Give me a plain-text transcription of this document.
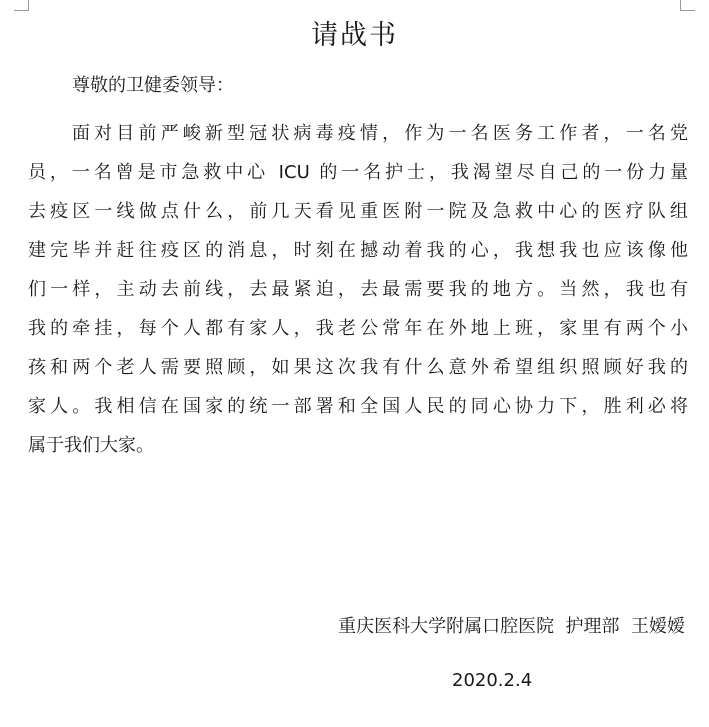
请战书
尊敬的卫健委领导：
面对目前严峻新型冠状病毒疫情，作为一名医务工作者，一名党
员，一名曾是市急救中心 ICU 的一名护士，我渴望尽自己的一份力量
去疫区一线做点什么，前几天看见重医附一院及急救中心的医疗队组
建完毕并赶往疫区的消息，时刻在撼动着我的心，我想我也应该像他
们一样，主动去前线，去最紧迫，去最需要我的地方。当然，我也有
我的牵挂，每个人都有家人，我老公常年在外地上班，家里有两个小
孩和两个老人需要照顾，如果这次我有什么意外希望组织照顾好我的
家人。我相信在国家的统一部署和全国人民的同心协力下，胜利必将
属于我们大家。
重庆医科大学附属口腔医院  护理部  王嫒嫒
2020.2.4
